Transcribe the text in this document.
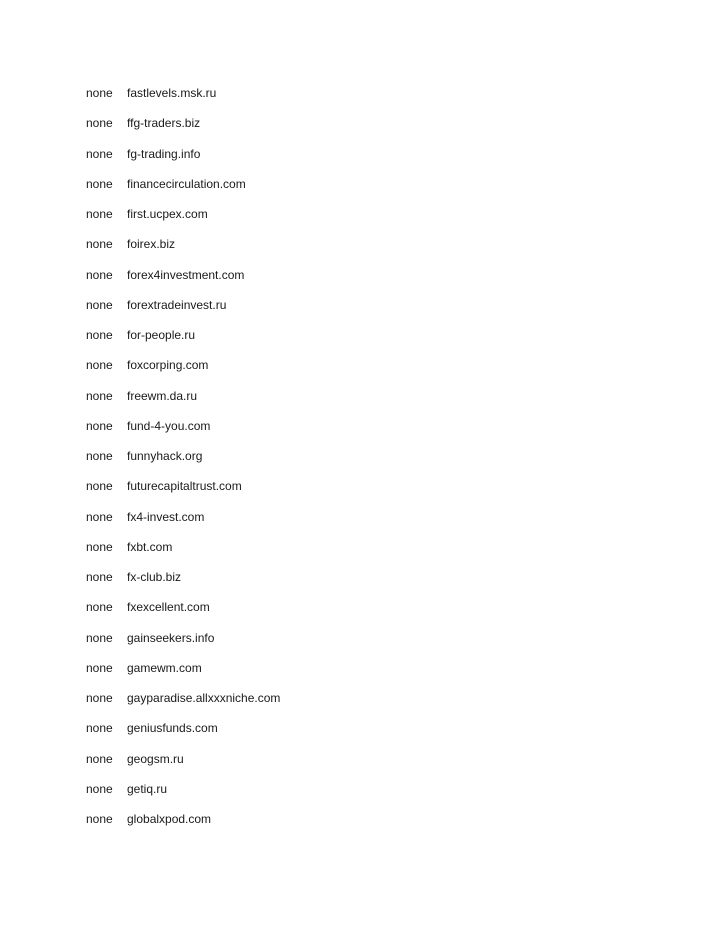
none	fastlevels.msk.ru
none	ffg-traders.biz
none	fg-trading.info
none	financecirculation.com
none	first.ucpex.com
none	foirex.biz
none	forex4investment.com
none	forextradeinvest.ru
none	for-people.ru
none	foxcorping.com
none	freewm.da.ru
none	fund-4-you.com
none	funnyhack.org
none	futurecapitaltrust.com
none	fx4-invest.com
none	fxbt.com
none	fx-club.biz
none	fxexcellent.com
none	gainseekers.info
none	gamewm.com
none	gayparadise.allxxxniche.com
none	geniusfunds.com
none	geogsm.ru
none	getiq.ru
none	globalxpod.com
